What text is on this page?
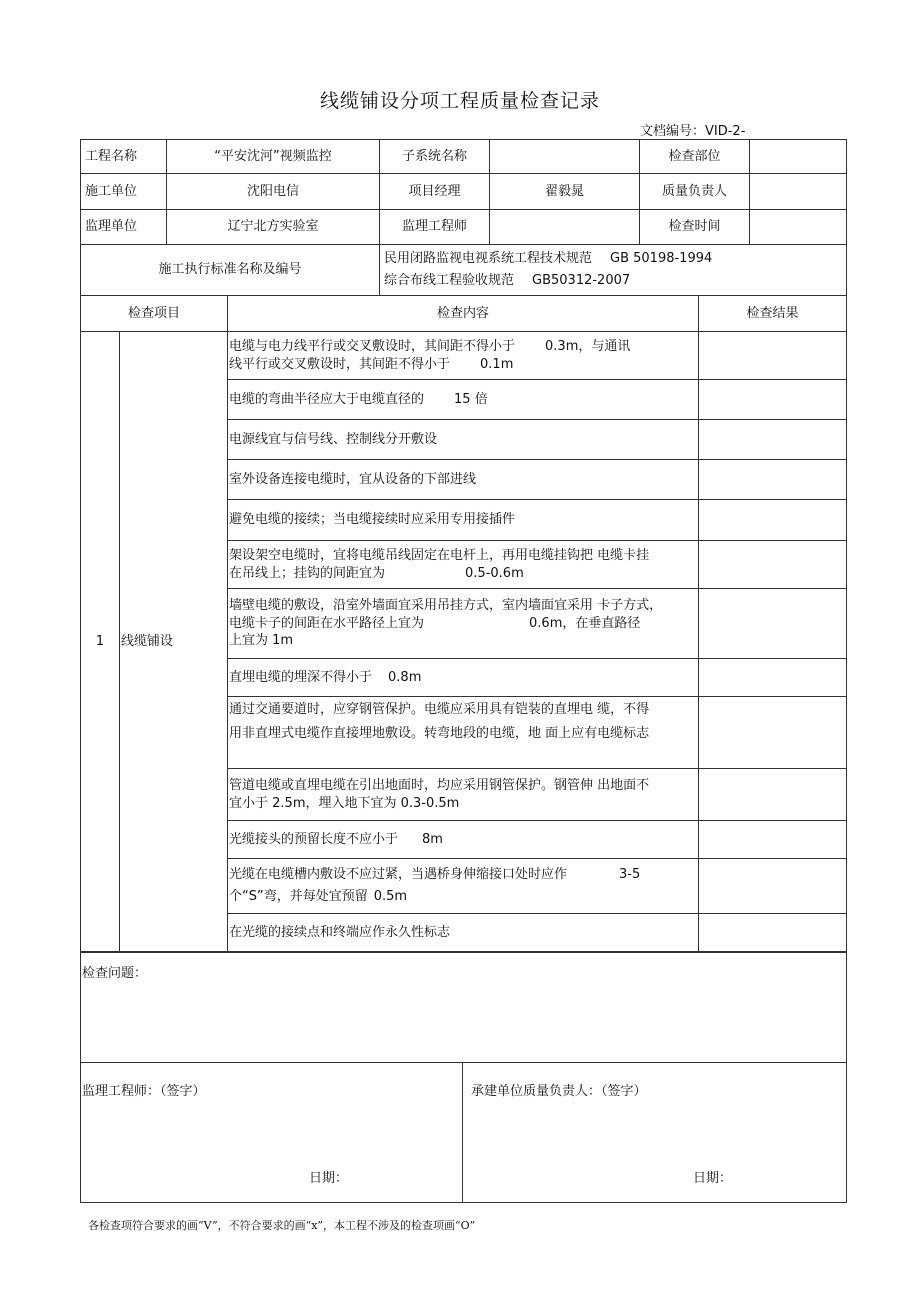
线缆铺设分项工程质量检查记录
文档编号：VID-2-
工程名称	“平安沈河”视频监控	子系统名称		检查部位	
施工单位	沈阳电信	项目经理	翟毅晁	质量负责人	
监理单位	辽宁北方实验室	监理工程师		检查时间	
施工执行标准名称及编号		民用闭路监视电视系统工程技术规范 GB 50198-1994
综合布线工程验收规范 GB50312-2007			
检查项目		检查内容	检查结果
1	线缆铺设	电缆与电力线平行或交叉敷设时，其间距不得小于 0.3m，与通讯
线平行或交叉敷设时，其间距不得小于 0.1m	

		电缆的弯曲半径应大于电缆直径的 15 倍	
		电源线宜与信号线、控制线分开敷设	
		室外设备连接电缆时，宜从设备的下部进线	
		避免电缆的接续；当电缆接续时应采用专用接插件	

		架设架空电缆时，宜将电缆吊线固定在电杆上，再用电缆挂钩把 电缆卡挂
在吊线上；挂钩的间距宜为 0.5-0.6m	

		墙壁电缆的敷设，沿室外墙面宜采用吊挂方式，室内墙面宜采用 卡子方式，
电缆卡子的间距在水平路径上宜为 0.6m，在垂直路径
上宜为 1m	

		直埋电缆的埋深不得小于 0.8m	

		通过交通要道时，应穿钢管保护。电缆应采用具有铠装的直埋电 缆，不得
用非直埋式电缆作直接埋地敷设。转弯地段的电缆，地 面上应有电缆标志	

		管道电缆或直埋电缆在引出地面时，均应采用钢管保护。钢管伸 出地面不
宜小于 2.5m，埋入地下宜为 0.3-0.5m	

		光缆接头的预留长度不应小于 8m	

		光缆在电缆槽内敷设不应过紧，当遇桥身伸缩接口处时应作 3-5
个“S”弯，并每处宜预留 0.5m	

		在光缆的接续点和终端应作永久性标志	
检查问题：

监理工程师：（签字）
日期：

承建单位质量负责人：（签字）
日期：
各检查项符合要求的画“V”，不符合要求的画“x”，本工程不涉及的检查项画“O”
